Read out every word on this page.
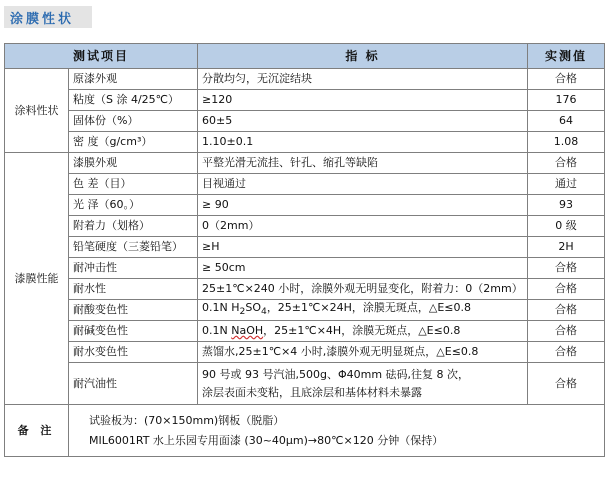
涂膜性状
测试项目		指 标	实测值
涂料性状	原漆外观	分散均匀，无沉淀结块	合格
	粘度（S 涂 4/25℃）	≥120	176
	固体份（%）	60±5	64
	密 度（g/cm³）	1.10±0.1	1.08
漆膜性能	漆膜外观	平整光滑无流挂、针孔、缩孔等缺陷	合格
	色 差（目）	目视通过	通过
	光 泽（60。）	≥ 90	93
	附着力（划格）	0（2mm）	0 级
	铅笔硬度（三菱铅笔）	≥H	2H
	耐冲击性	≥ 50cm	合格
	耐水性	25±1℃×240 小时，涂膜外观无明显变化，附着力：0（2mm）	合格
	耐酸变色性	0.1N $H_2SO_4$，25±1℃×24H，涂膜无斑点，△E≤0.8	合格
	耐碱变色性	0.1N NaOH，25±1℃×4H，涂膜无斑点，△E≤0.8	合格
	耐水变色性	蒸馏水,25±1℃×4 小时,漆膜外观无明显斑点，△E≤0.8	合格
	耐汽油性	90 号或 93 号汽油,500g、Φ40mm 砝码,往复 8 次，
涂层表面未变粘，且底涂层和基体材料未暴露	合格
备 注	试验板为：(70×150mm)钢板（脱脂）
MIL6001RT 水上乐园专用面漆 (30~40μm)→80℃×120 分钟（保持）		
